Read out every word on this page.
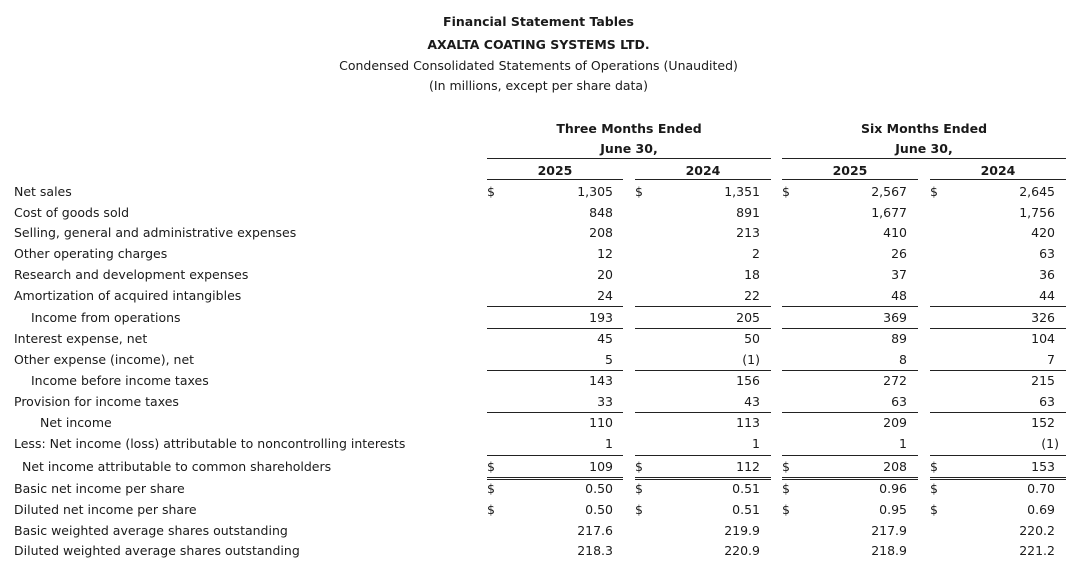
Financial Statement Tables
AXALTA COATING SYSTEMS LTD.
Condensed Consolidated Statements of Operations (Unaudited)
(In millions, except per share data)
Three Months Ended
June 30,
Six Months Ended
June 30,
2025	2024	2025	2024
Net sales	$	1,305 $	1,351 $	2,567 $	2,645
Cost of goods sold	848	891	1,677	1,756
Selling, general and administrative expenses	208	213	410	420
Other operating charges	12	2	26	63
Research and development expenses	20	18	37	36
Amortization of acquired intangibles	24	22	48	44
Income from operations	193	205	369	326
Interest expense, net	45	50	89	104
Other expense (income), net	5	(1)	8	7
Income before income taxes	143	156	272	215
Provision for income taxes	33	43	63	63
Net income	110	113	209	152
Less: Net income (loss) attributable to noncontrolling interests	1	1	1	(1)
Net income attributable to common shareholders	$	109 $	112 $	208 $	153
Basic net income per share	$	0.50 $	0.51 $	0.96 $	0.70
Diluted net income per share	$	0.50 $	0.51 $	0.95 $	0.69
Basic weighted average shares outstanding	217.6	219.9	217.9	220.2
Diluted weighted average shares outstanding	218.3	220.9	218.9	221.2
